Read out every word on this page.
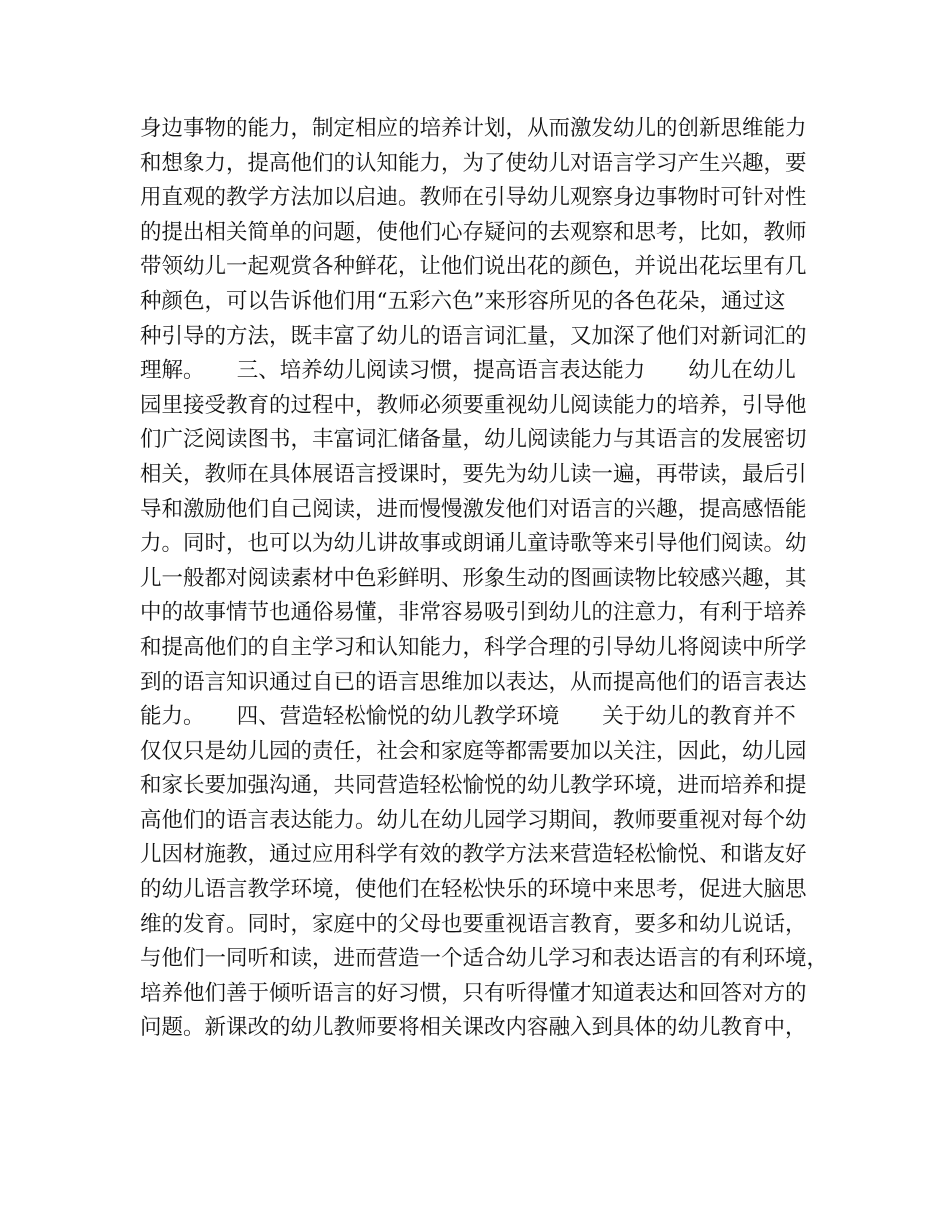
身边事物的能力，制定相应的培养计划，从而激发幼儿的创新思维能力
和想象力，提高他们的认知能力，为了使幼儿对语言学习产生兴趣，要
用直观的教学方法加以启迪。教师在引导幼儿观察身边事物时可针对性
的提出相关简单的问题，使他们心存疑问的去观察和思考，比如，教师
带领幼儿一起观赏各种鲜花，让他们说出花的颜色，并说出花坛里有几
种颜色，可以告诉他们用“五彩六色”来形容所见的各色花朵，通过这
种引导的方法，既丰富了幼儿的语言词汇量，又加深了他们对新词汇的
理解。　　三、培养幼儿阅读习惯，提高语言表达能力　　幼儿在幼儿
园里接受教育的过程中，教师必须要重视幼儿阅读能力的培养，引导他
们广泛阅读图书，丰富词汇储备量，幼儿阅读能力与其语言的发展密切
相关，教师在具体展语言授课时，要先为幼儿读一遍，再带读，最后引
导和激励他们自己阅读，进而慢慢激发他们对语言的兴趣，提高感悟能
力。同时，也可以为幼儿讲故事或朗诵儿童诗歌等来引导他们阅读。幼
儿一般都对阅读素材中色彩鲜明、形象生动的图画读物比较感兴趣，其
中的故事情节也通俗易懂，非常容易吸引到幼儿的注意力，有利于培养
和提高他们的自主学习和认知能力，科学合理的引导幼儿将阅读中所学
到的语言知识通过自已的语言思维加以表达，从而提高他们的语言表达
能力。　　四、营造轻松愉悦的幼儿教学环境　　关于幼儿的教育并不
仅仅只是幼儿园的责任，社会和家庭等都需要加以关注，因此，幼儿园
和家长要加强沟通，共同营造轻松愉悦的幼儿教学环境，进而培养和提
高他们的语言表达能力。幼儿在幼儿园学习期间，教师要重视对每个幼
儿因材施教，通过应用科学有效的教学方法来营造轻松愉悦、和谐友好
的幼儿语言教学环境，使他们在轻松快乐的环境中来思考，促进大脑思
维的发育。同时，家庭中的父母也要重视语言教育，要多和幼儿说话，
与他们一同听和读，进而营造一个适合幼儿学习和表达语言的有利环境，
培养他们善于倾听语言的好习惯，只有听得懂才知道表达和回答对方的
问题。新课改的幼儿教师要将相关课改内容融入到具体的幼儿教育中，
